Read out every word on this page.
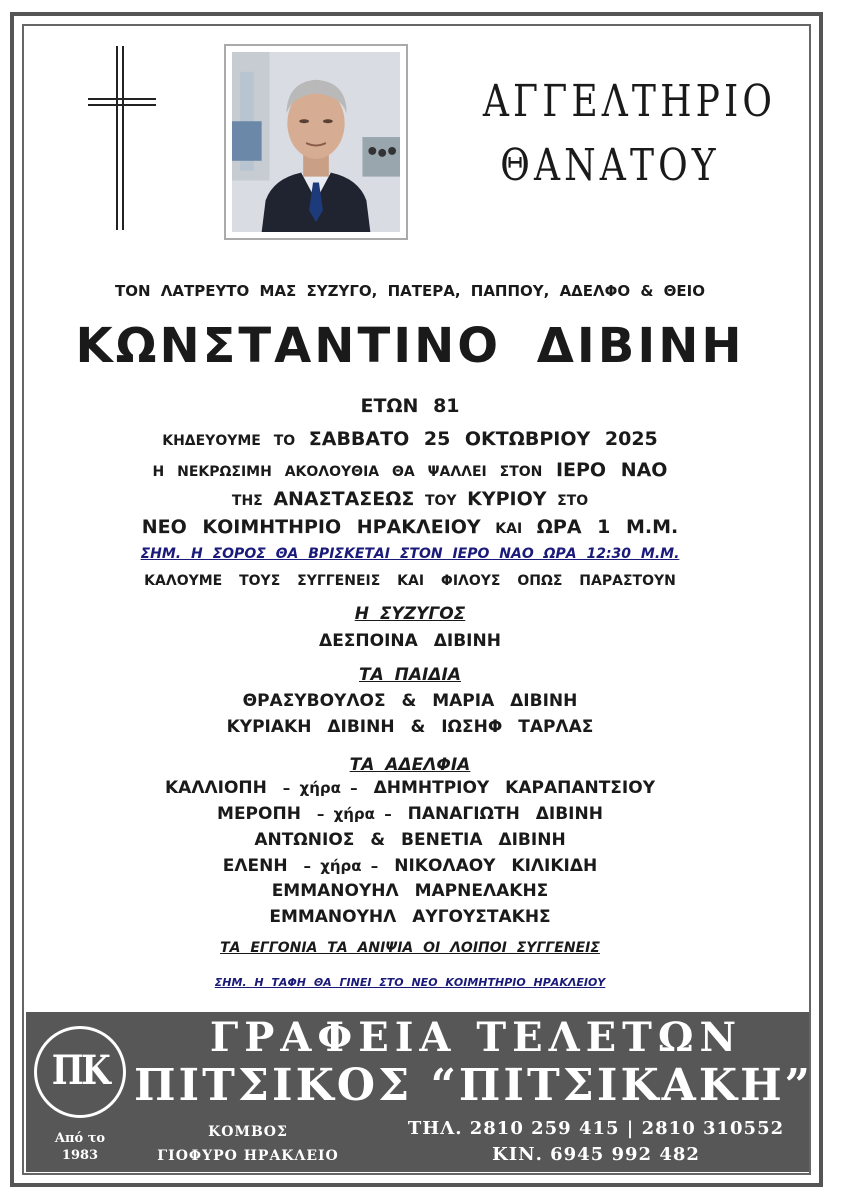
ΑΓΓΕΛΤΗΡΙΟ
ΘΑΝΑΤΟΥ
ΤΟΝ ΛΑΤΡΕΥΤΟ ΜΑΣ ΣΥΖΥΓΟ, ΠΑΤΕΡΑ, ΠΑΠΠΟΥ, ΑΔΕΛΦΟ & ΘΕΙΟ
ΚΩΝΣΤΑΝΤΙΝΟ ΔΙΒΙΝΗ
ΕΤΩΝ 81
ΚΗΔΕΥΟΥΜΕ ΤΟ ΣΑΒΒΑΤΟ 25 ΟΚΤΩΒΡΙΟΥ 2025
Η ΝΕΚΡΩΣΙΜΗ ΑΚΟΛΟΥΘΙΑ ΘΑ ΨΑΛΛΕΙ ΣΤΟΝ ΙΕΡΟ ΝΑΟ
ΤΗΣ ΑΝΑΣΤΑΣΕΩΣ ΤΟΥ ΚΥΡΙΟΥ ΣΤΟ
ΝΕΟ ΚΟΙΜΗΤΗΡΙΟ ΗΡΑΚΛΕΙΟΥ ΚΑΙ ΩΡΑ 1 Μ.Μ.
ΣΗΜ. Η ΣΟΡΟΣ ΘΑ ΒΡΙΣΚΕΤΑΙ ΣΤΟΝ ΙΕΡΟ ΝΑΟ ΩΡΑ 12:30 Μ.Μ.
ΚΑΛΟΥΜΕ ΤΟΥΣ ΣΥΓΓΕΝΕΙΣ ΚΑΙ ΦΙΛΟΥΣ ΟΠΩΣ ΠΑΡΑΣΤΟΥΝ
Η ΣΥΖΥΓΟΣ
ΔΕΣΠΟΙΝΑ ΔΙΒΙΝΗ
ΤΑ ΠΑΙΔΙΑ
ΘΡΑΣΥΒΟΥΛΟΣ & ΜΑΡΙΑ ΔΙΒΙΝΗ
ΚΥΡΙΑΚΗ ΔΙΒΙΝΗ & ΙΩΣΗΦ ΤΑΡΛΑΣ
ΤΑ ΑΔΕΛΦΙΑ
ΚΑΛΛΙΟΠΗ – χήρα – ΔΗΜΗΤΡΙΟΥ ΚΑΡΑΠΑΝΤΣΙΟΥ
ΜΕΡΟΠΗ – χήρα – ΠΑΝΑΓΙΩΤΗ ΔΙΒΙΝΗ
ΑΝΤΩΝΙΟΣ & ΒΕΝΕΤΙΑ ΔΙΒΙΝΗ
ΕΛΕΝΗ – χήρα – ΝΙΚΟΛΑΟΥ ΚΙΛΙΚΙΔΗ
ΕΜΜΑΝΟΥΗΛ ΜΑΡΝΕΛΑΚΗΣ
ΕΜΜΑΝΟΥΗΛ ΑΥΓΟΥΣΤΑΚΗΣ
ΤΑ ΕΓΓΟΝΙΑ ΤΑ ΑΝΙΨΙΑ ΟΙ ΛΟΙΠΟΙ ΣΥΓΓΕΝΕΙΣ
ΣΗΜ. Η ΤΑΦΗ ΘΑ ΓΙΝΕΙ ΣΤΟ ΝΕΟ ΚΟΙΜΗΤΗΡΙΟ ΗΡΑΚΛΕΙΟΥ
ΠΚ
Από το
1983
ΓΡΑΦΕΙΑ ΤΕΛΕΤΩΝ
ΠΙΤΣΙΚΟΣ “ΠΙΤΣΙΚΑΚΗ”
ΚΟΜΒΟΣ
ΓΙΟΦΥΡΟ ΗΡΑΚΛΕΙΟ
ΤΗΛ. 2810 259 415 | 2810 310552
ΚΙΝ. 6945 992 482
